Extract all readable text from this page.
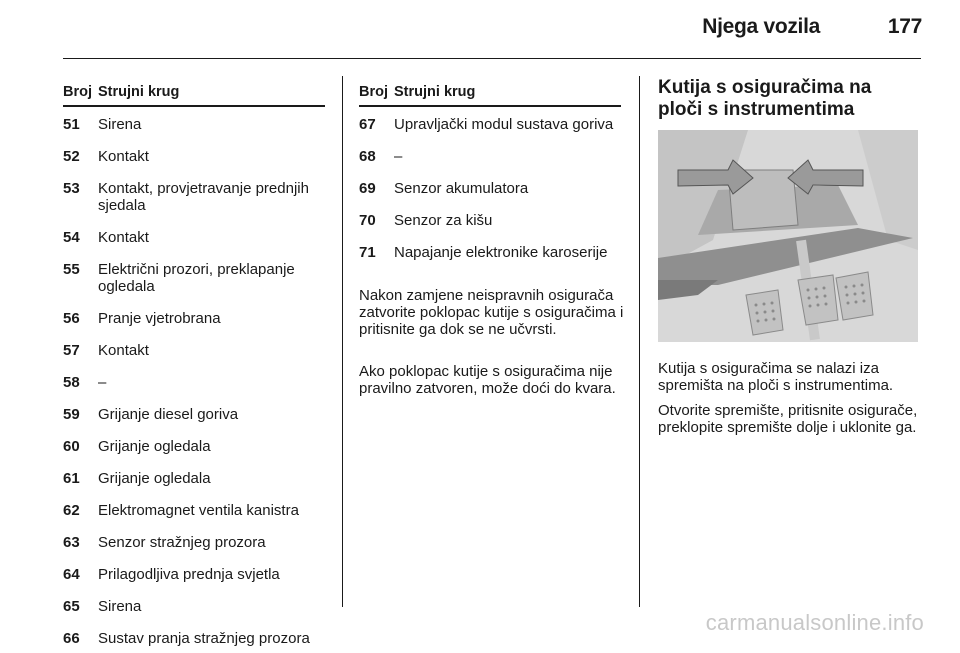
Njega vozila	177
Broj	Strujni krug
51	Sirena
52	Kontakt
53	Kontakt, provjetravanje prednjih sjedala
54	Kontakt
55	Električni prozori, preklapanje ogledala
56	Pranje vjetrobrana
57	Kontakt
58	–
59	Grijanje diesel goriva
60	Grijanje ogledala
61	Grijanje ogledala
62	Elektromagnet ventila kanistra
63	Senzor stražnjeg prozora
64	Prilagodljiva prednja svjetla
65	Sirena
66	Sustav pranja stražnjeg prozora
Broj	Strujni krug
67	Upravljački modul sustava goriva
68	–
69	Senzor akumulatora
70	Senzor za kišu
71	Napajanje elektronike karoserije

Nakon zamjene neispravnih osigurača zatvorite poklopac kutije s osiguračima i pritisnite ga dok se ne učvrsti.

Ako poklopac kutije s osiguračima nije pravilno zatvoren, može doći do kvara.

Kutija s osiguračima na ploči s instrumentima

Kutija s osiguračima se nalazi iza spremišta na ploči s instrumentima.

Otvorite spremište, pritisnite osigurače, preklopite spremište dolje i uklonite ga.

carmanualsonline.info
